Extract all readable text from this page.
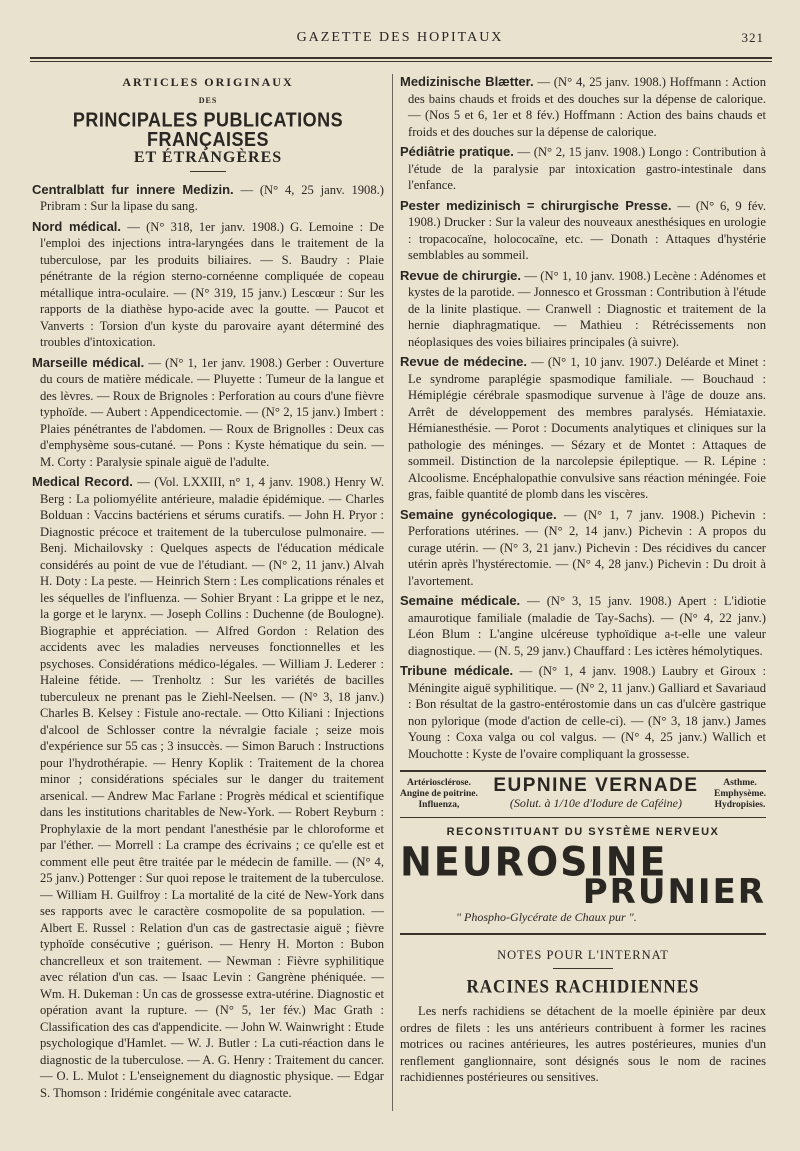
GAZETTE DES HOPITAUX	321

ARTICLES ORIGINAUX

DES

PRINCIPALES PUBLICATIONS FRANÇAISES

ET ÉTRANGÈRES

Centralblatt fur innere Medizin. — (N° 4, 25 janv. 1908.) Pribram : Sur la lipase du sang.

Nord médical. — (N° 318, 1er janv. 1908.) G. Lemoine : De l'emploi des injections intra-laryngées dans le traitement de la tuberculose, par les produits biliaires. — S. Baudry : Plaie pénétrante de la région sterno-cornéenne compliquée de copeau métallique intra-oculaire. — (N° 319, 15 janv.) Lescœur : Sur les rapports de la diathèse hypo-acide avec la goutte. — Paucot et Vanverts : Torsion d'un kyste du parovaire ayant déterminé des troubles d'intoxication.

Marseille médical. — (N° 1, 1er janv. 1908.) Gerber : Ouverture du cours de matière médicale. — Pluyette : Tumeur de la langue et des lèvres. — Roux de Brignoles : Perforation au cours d'une fièvre typhoïde. — Aubert : Appendicectomie. — (N° 2, 15 janv.) Imbert : Plaies pénétrantes de l'abdomen. — Roux de Brignolles : Deux cas d'emphysème sous-cutané. — Pons : Kyste hématique du sein. — M. Corty : Paralysie spinale aiguë de l'adulte.

Medical Record. — (Vol. LXXIII, n° 1, 4 janv. 1908.) Henry W. Berg : La poliomyélite antérieure, maladie épidémique. — Charles Bolduan : Vaccins bactériens et sérums curatifs. — John H. Pryor : Diagnostic précoce et traitement de la tuberculose pulmonaire. — Benj. Michailovsky : Quelques aspects de l'éducation médicale considérés au point de vue de l'étudiant. — (N° 2, 11 janv.) Alvah H. Doty : La peste. — Heinrich Stern : Les complications rénales et les séquelles de l'influenza. — Sohier Bryant : La grippe et le nez, la gorge et le larynx. — Joseph Collins : Duchenne (de Boulogne). Biographie et appréciation. — Alfred Gordon : Relation des accidents avec les maladies nerveuses fonctionnelles et les psychoses. Considérations médico-légales. — William J. Lederer : Haleine fétide. — Trenholtz : Sur les variétés de bacilles tuberculeux ne prenant pas le Ziehl-Neelsen. — (N° 3, 18 janv.) Charles B. Kelsey : Fistule ano-rectale. — Otto Kiliani : Injections d'alcool de Schlosser contre la névralgie faciale ; seize mois d'expérience sur 55 cas ; 3 insuccès. — Simon Baruch : Instructions pour l'hydrothérapie. — Henry Koplik : Traitement de la chorea minor ; considérations spéciales sur le danger du traitement arsenical. — Andrew Mac Farlane : Progrès médical et scientifique dans les institutions charitables de New-York. — Robert Reyburn : Prophylaxie de la mort pendant l'anesthésie par le chloroforme et par l'éther. — Morrell : La crampe des écrivains ; ce qu'elle est et comment elle peut être traitée par le médecin de famille. — (N° 4, 25 janv.) Pottenger : Sur quoi repose le traitement de la tuberculose. — William H. Guilfroy : La mortalité de la cité de New-York dans ses rapports avec le caractère cosmopolite de sa population. — Albert E. Russel : Relation d'un cas de gastrectasie aiguë ; fièvre typhoïde consécutive ; guérison. — Henry H. Morton : Bubon chancrelleux et son traitement. — Newman : Fièvre syphilitique avec rélation d'un cas. — Isaac Levin : Gangrène phéniquée. — Wm. H. Dukeman : Un cas de grossesse extra-utérine. Diagnostic et opération avant la rupture. — (N° 5, 1er fév.) Mac Grath : Classification des cas d'appendicite. — John W. Wainwright : Etude psychologique d'Hamlet. — W. J. Butler : La cuti-réaction dans le diagnostic de la tuberculose. — A. G. Henry : Traitement du cancer. — O. L. Mulot : L'enseignement du diagnostic physique. — Edgar S. Thomson : Iridémie congénitale avec cataracte.

Medizinische Blætter. — (N° 4, 25 janv. 1908.) Hoffmann : Action des bains chauds et froids et des douches sur la dépense de calorique. — (Nos 5 et 6, 1er et 8 fév.) Hoffmann : Action des bains chauds et froids et des douches sur la dépense de calorique.

Pédiâtrie pratique. — (N° 2, 15 janv. 1908.) Longo : Contribution à l'étude de la paralysie par intoxication gastro-intestinale dans l'enfance.

Pester medizinisch = chirurgische Presse. — (N° 6, 9 fév. 1908.) Drucker : Sur la valeur des nouveaux anesthésiques en urologie : tropacocaïne, holococaïne, etc. — Donath : Attaques d'hystérie semblables au sommeil.

Revue de chirurgie. — (N° 1, 10 janv. 1908.) Lecène : Adénomes et kystes de la parotide. — Jonnesco et Grossman : Contribution à l'étude de la linite plastique. — Cranwell : Diagnostic et traitement de la hernie diaphragmatique. — Mathieu : Rétrécissements non néoplasiques des voies biliaires principales (à suivre).

Revue de médecine. — (N° 1, 10 janv. 1907.) Deléarde et Minet : Le syndrome paraplégie spasmodique familiale. — Bouchaud : Hémiplégie cérébrale spasmodique survenue à l'âge de douze ans. Arrêt de développement des membres paralysés. Hémiataxie. Hémianesthésie. — Porot : Documents analytiques et cliniques sur la pathologie des méninges. — Sézary et de Montet : Attaques de sommeil. Distinction de la narcolepsie épileptique. — R. Lépine : Alcoolisme. Encéphalopathie convulsive sans réaction méningée. Foie gras, faible quantité de plomb dans les viscères.

Semaine gynécologique. — (N° 1, 7 janv. 1908.) Pichevin : Perforations utérines. — (N° 2, 14 janv.) Pichevin : A propos du curage utérin. — (N° 3, 21 janv.) Pichevin : Des récidives du cancer utérin après l'hystérectomie. — (N° 4, 28 janv.) Pichevin : Du droit à l'avortement.

Semaine médicale. — (N° 3, 15 janv. 1908.) Apert : L'idiotie amaurotique familiale (maladie de Tay-Sachs). — (N° 4, 22 janv.) Léon Blum : L'angine ulcéreuse typhoïdique a-t-elle une valeur diagnostique. — (N. 5, 29 janv.) Chauffard : Les ictères hémolytiques.

Tribune médicale. — (N° 1, 4 janv. 1908.) Laubry et Giroux : Méningite aiguë syphilitique. — (N° 2, 11 janv.) Galliard et Savariaud : Bon résultat de la gastro-entérostomie dans un cas d'ulcère gastrique non pylorique (mode d'action de celle-ci). — (N° 3, 18 janv.) James Young : Coxa valga ou col valgus. — (N° 4, 25 janv.) Wallich et Mouchotte : Kyste de l'ovaire compliquant la grossesse.

Artériosclérose.
Angine de poitrine.
Influenza,
EUPNINE VERNADE
(Solut. à 1/10e d'Iodure de Caféine)
Asthme.
Emphysème.
Hydropisies.
RECONSTITUANT DU SYSTÈME NERVEUX
NEUROSINE
PRUNIER
" Phospho-Glycérate de Chaux pur ".

NOTES POUR L'INTERNAT

RACINES RACHIDIENNES

Les nerfs rachidiens se détachent de la moelle épinière par deux ordres de filets : les uns antérieurs contribuent à former les racines motrices ou racines antérieures, les autres postérieures, munies d'un renflement ganglionnaire, sont désignés sous le nom de racines rachidiennes postérieures ou sensitives.
